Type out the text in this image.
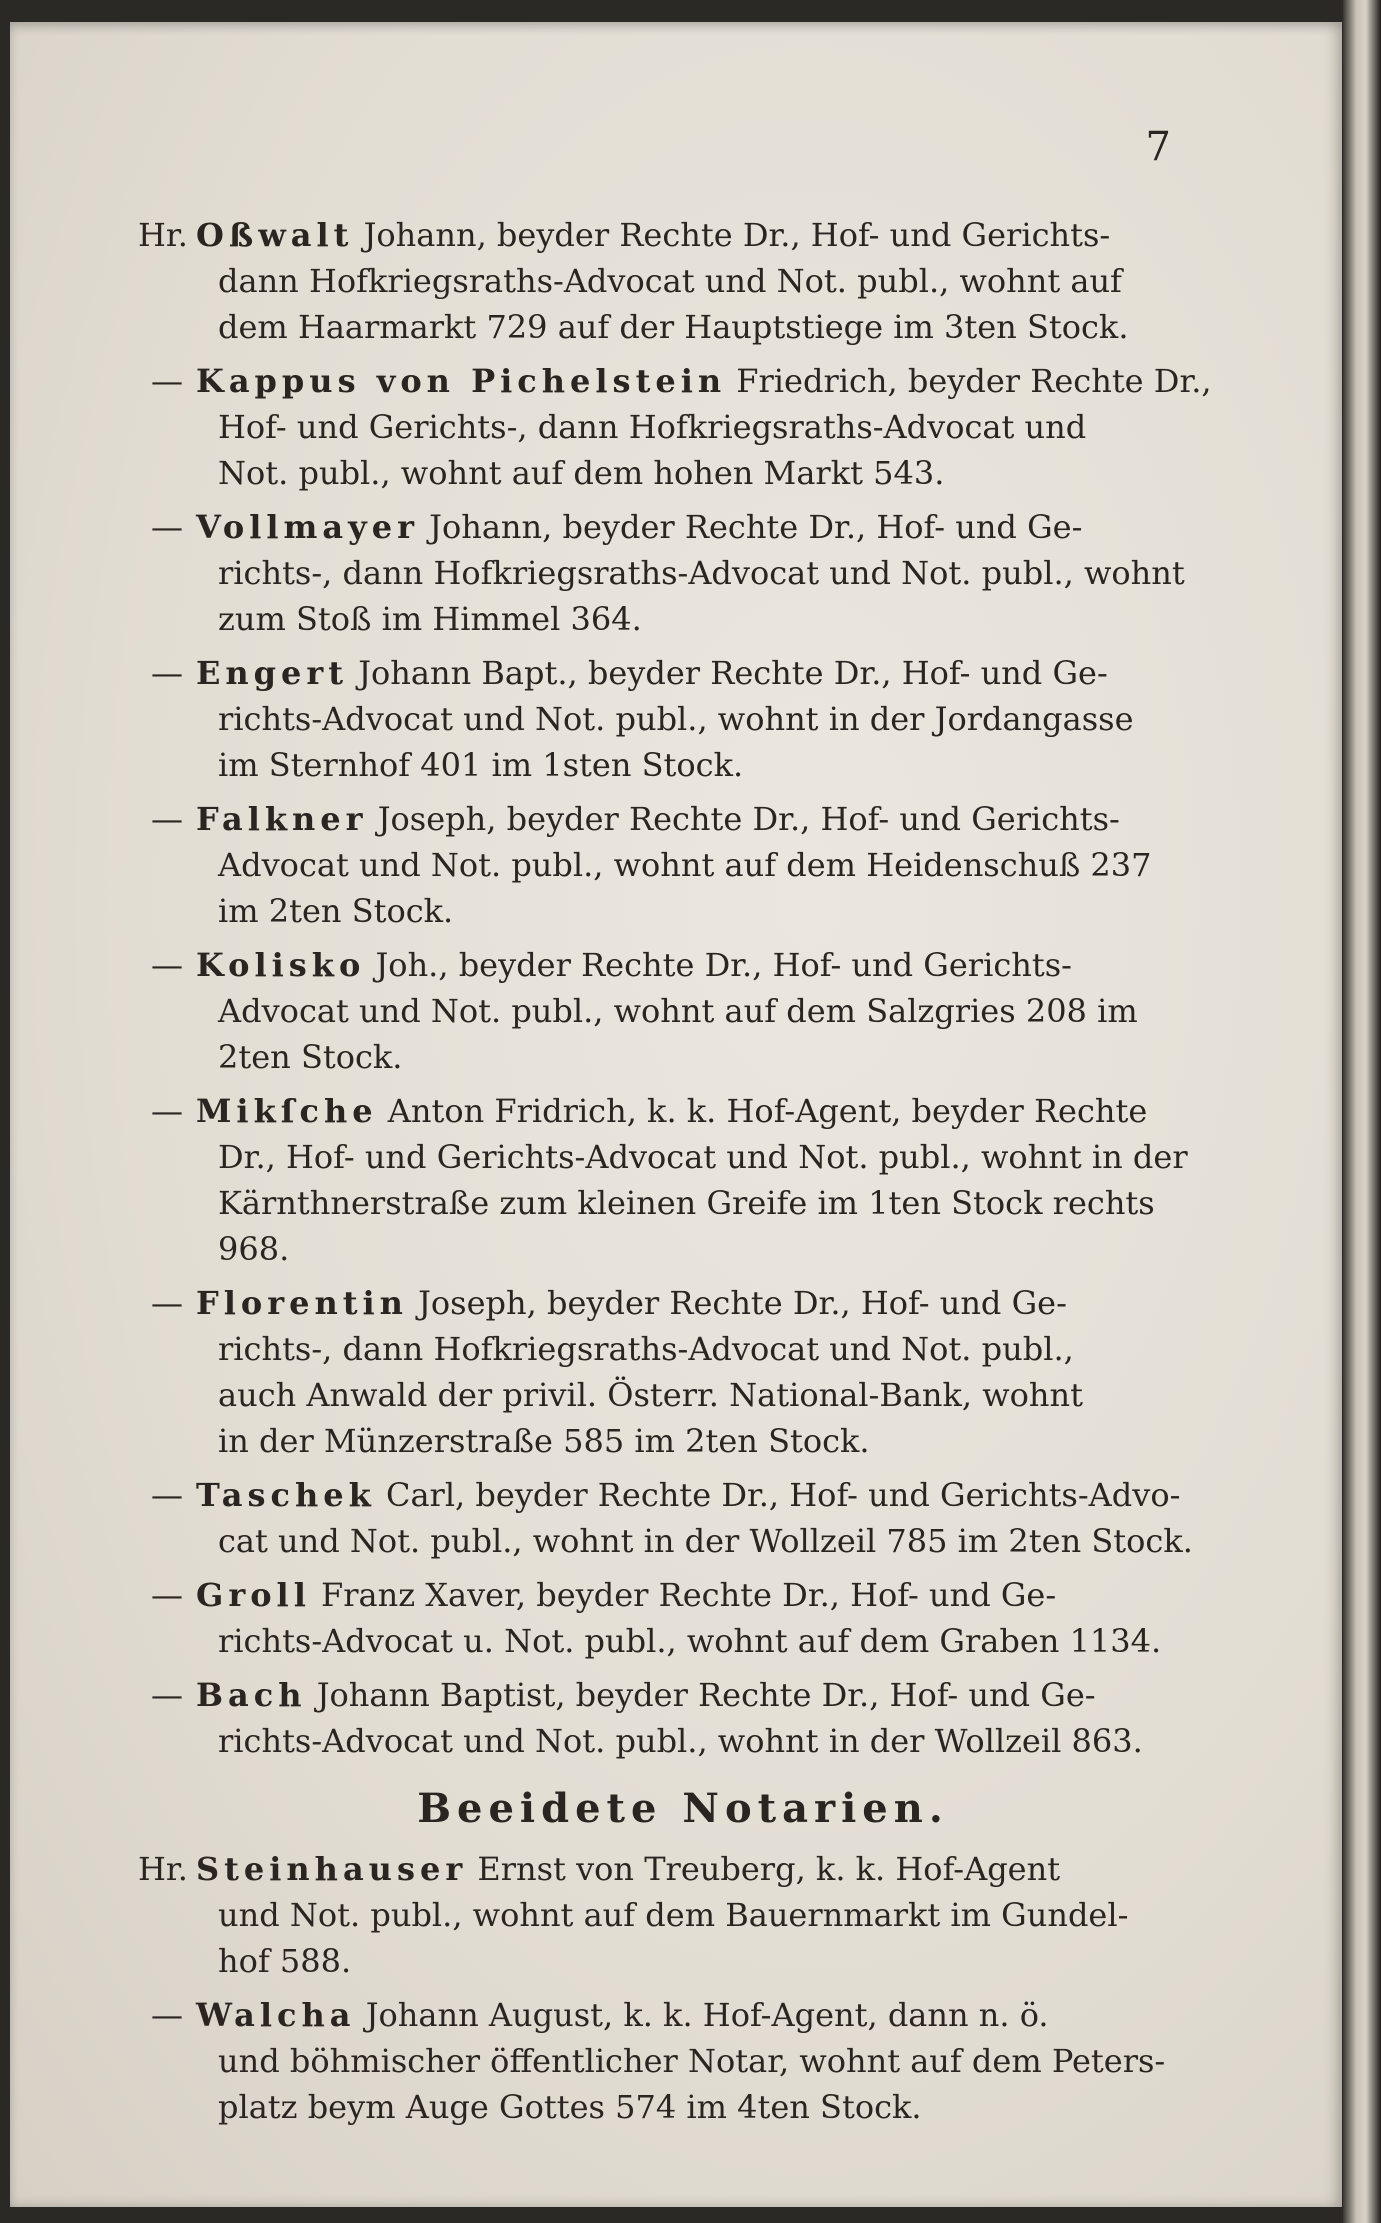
7
Hr. Oßwalt Johann, beyder Rechte Dr., Hof- und Gerichts-
dann Hofkriegsraths-Advocat und Not. publ., wohnt auf
dem Haarmarkt 729 auf der Hauptstiege im 3ten Stock.
— Kappus von Pichelstein Friedrich, beyder Rechte Dr.,
Hof- und Gerichts-, dann Hofkriegsraths-Advocat und
Not. publ., wohnt auf dem hohen Markt 543.
— Vollmayer Johann, beyder Rechte Dr., Hof- und Ge-
richts-, dann Hofkriegsraths-Advocat und Not. publ., wohnt
zum Stoß im Himmel 364.
— Engert Johann Bapt., beyder Rechte Dr., Hof- und Ge-
richts-Advocat und Not. publ., wohnt in der Jordangasse
im Sternhof 401 im 1sten Stock.
— Falkner Joseph, beyder Rechte Dr., Hof- und Gerichts-
Advocat und Not. publ., wohnt auf dem Heidenschuß 237
im 2ten Stock.
— Kolisko Joh., beyder Rechte Dr., Hof- und Gerichts-
Advocat und Not. publ., wohnt auf dem Salzgries 208 im
2ten Stock.
— Mikſche Anton Fridrich, k. k. Hof-Agent, beyder Rechte
Dr., Hof- und Gerichts-Advocat und Not. publ., wohnt in der
Kärnthnerstraße zum kleinen Greife im 1ten Stock rechts 968.
— Florentin Joseph, beyder Rechte Dr., Hof- und Ge-
richts-, dann Hofkriegsraths-Advocat und Not. publ.,
auch Anwald der privil. Österr. National-Bank, wohnt
in der Münzerstraße 585 im 2ten Stock.
— Taschek Carl, beyder Rechte Dr., Hof- und Gerichts-Advo-
cat und Not. publ., wohnt in der Wollzeil 785 im 2ten Stock.
— Groll Franz Xaver, beyder Rechte Dr., Hof- und Ge-
richts-Advocat u. Not. publ., wohnt auf dem Graben 1134.
— Bach Johann Baptist, beyder Rechte Dr., Hof- und Ge-
richts-Advocat und Not. publ., wohnt in der Wollzeil 863.
Beeidete Notarien.
Hr. Steinhauser Ernst von Treuberg, k. k. Hof-Agent
und Not. publ., wohnt auf dem Bauernmarkt im Gundel-
hof 588.
— Walcha Johann August, k. k. Hof-Agent, dann n. ö.
und böhmischer öffentlicher Notar, wohnt auf dem Peters-
platz beym Auge Gottes 574 im 4ten Stock.
